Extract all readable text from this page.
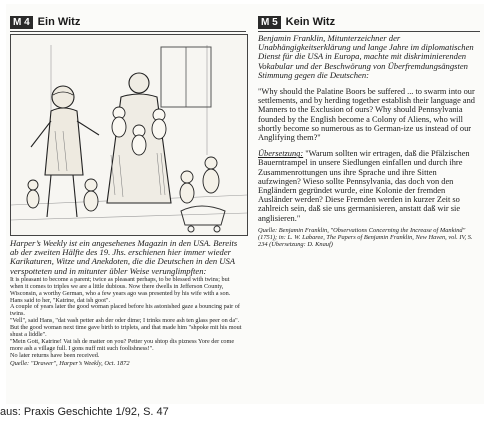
M 4 Ein Witz

Harper’s Weekly ist ein angesehenes Magazin in den USA. Bereits ab der zweiten Hälfte des 19. Jhs. erschienen hier immer wieder Karikaturen, Witze und Anekdoten, die die Deutschen in den USA verspotteten und in mitunter übler Weise verunglimpften:

It is pleasant to become a parent; twice as pleasant perhaps, to be blessed with twins; but when it comes to triples we are a little dubious. Now there dwells in Jefferson County, Wisconsin, a worthy German, who a few years ago was presented by his wife with a son. Hans said to her, "Katrine, dat ish goot".

A couple of years later the good woman placed before his astonished gaze a bouncing pair of twins.

"Vell", said Hans, "dat vash petter ash der oder dime; I trinks more ash ten glass peer on da".

But the good woman next time gave birth to triplets, and that made him "shpoke mit his mout shust a liddle".

"Mein Gott, Katrine! Vat ish de matter on you? Petter you shtop dis pizness Yore der come more ash a village full. I gons nuff mit such foolishness!".

No later returns have been received.

Quelle: "Drawer", Harper’s Weekly, Oct. 1872

M 5 Kein Witz

Benjamin Franklin, Mitunterzeichner der Unabhängigkeitserklärung und lange Jahre im diplomatischen Dienst für die USA in Europa, machte mit diskriminierenden Vokabular und der Beschwörung von Überfremdungsängsten Stimmung gegen die Deutschen:

"Why should the Palatine Boors be suffered ... to swarm into our settlements, and by herding together establish their language and Manners to the Exclusion of ours? Why should Pennsylvania founded by the English become a Colony of Aliens, who will shortly become so numerous as to German-ize us instead of our Anglifying them?"

Übersetzung: "Warum sollten wir ertragen, daß die Pfälzischen Bauerntrampel in unsere Siedlungen einfallen und durch ihre Zusammenrottungen uns ihre Sprache und ihre Sitten aufzwingen? Wieso sollte Pennsylvania, das doch von den Engländern gegründet wurde, eine Kolonie der fremden Ausländer werden? Diese Fremden werden in kurzer Zeit so zahlreich sein, daß sie uns germanisieren, anstatt daß wir sie anglisieren."

Quelle: Benjamin Franklin, "Observations Concerning the Increase of Mankind" (1751); in: L. W. Labaree, The Papers of Benjamin Franklin, New Haven, vol. IV, S. 234 (Übersetzung: D. Knauf)

aus: Praxis Geschichte 1/92, S. 47
